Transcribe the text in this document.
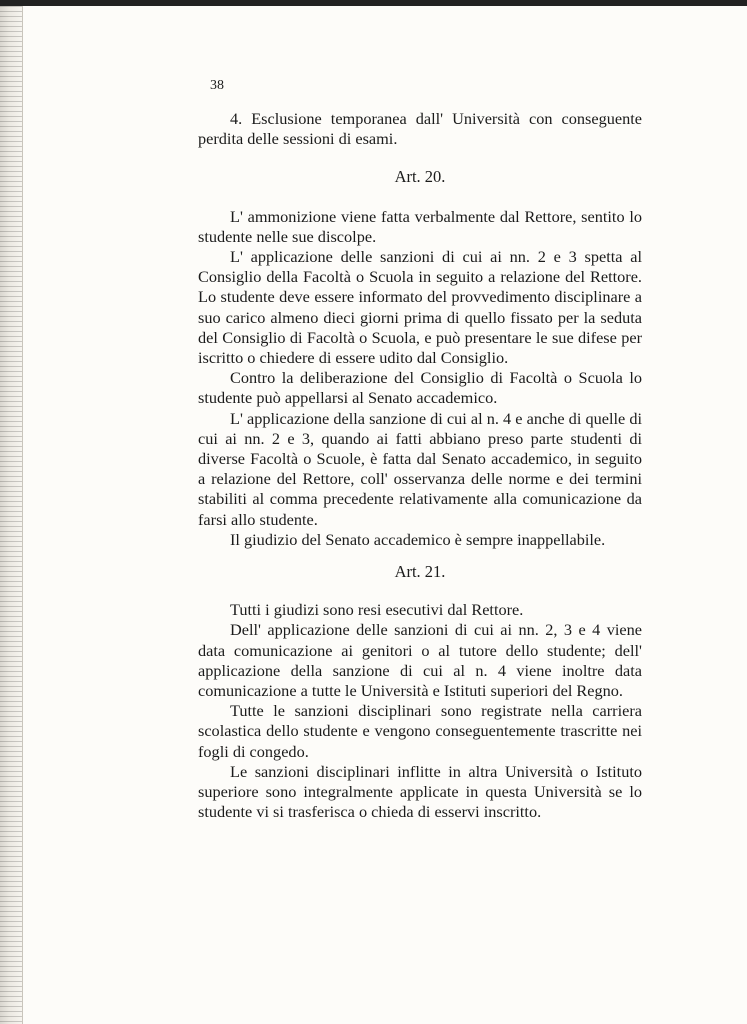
38

4. Esclusione temporanea dall' Università con conseguente perdita delle sessioni di esami.

Art. 20.

L' ammonizione viene fatta verbalmente dal Rettore, sentito lo studente nelle sue discolpe.

L' applicazione delle sanzioni di cui ai nn. 2 e 3 spetta al Consiglio della Facoltà o Scuola in seguito a relazione del Rettore. Lo studente deve essere informato del provvedimento disciplinare a suo carico almeno dieci giorni prima di quello fissato per la seduta del Consiglio di Facoltà o Scuola, e può presentare le sue difese per iscritto o chiedere di essere udito dal Consiglio.

Contro la deliberazione del Consiglio di Facoltà o Scuola lo studente può appellarsi al Senato accademico.

L' applicazione della sanzione di cui al n. 4 e anche di quelle di cui ai nn. 2 e 3, quando ai fatti abbiano preso parte studenti di diverse Facoltà o Scuole, è fatta dal Senato accademico, in seguito a relazione del Rettore, coll' osservanza delle norme e dei termini stabiliti al comma precedente relativamente alla comunicazione da farsi allo studente.

Il giudizio del Senato accademico è sempre inappellabile.

Art. 21.

Tutti i giudizi sono resi esecutivi dal Rettore.

Dell' applicazione delle sanzioni di cui ai nn. 2, 3 e 4 viene data comunicazione ai genitori o al tutore dello studente; dell' applicazione della sanzione di cui al n. 4 viene inoltre data comunicazione a tutte le Università e Istituti superiori del Regno.

Tutte le sanzioni disciplinari sono registrate nella carriera scolastica dello studente e vengono conseguentemente trascritte nei fogli di congedo.

Le sanzioni disciplinari inflitte in altra Università o Istituto superiore sono integralmente applicate in questa Università se lo studente vi si trasferisca o chieda di esservi inscritto.
